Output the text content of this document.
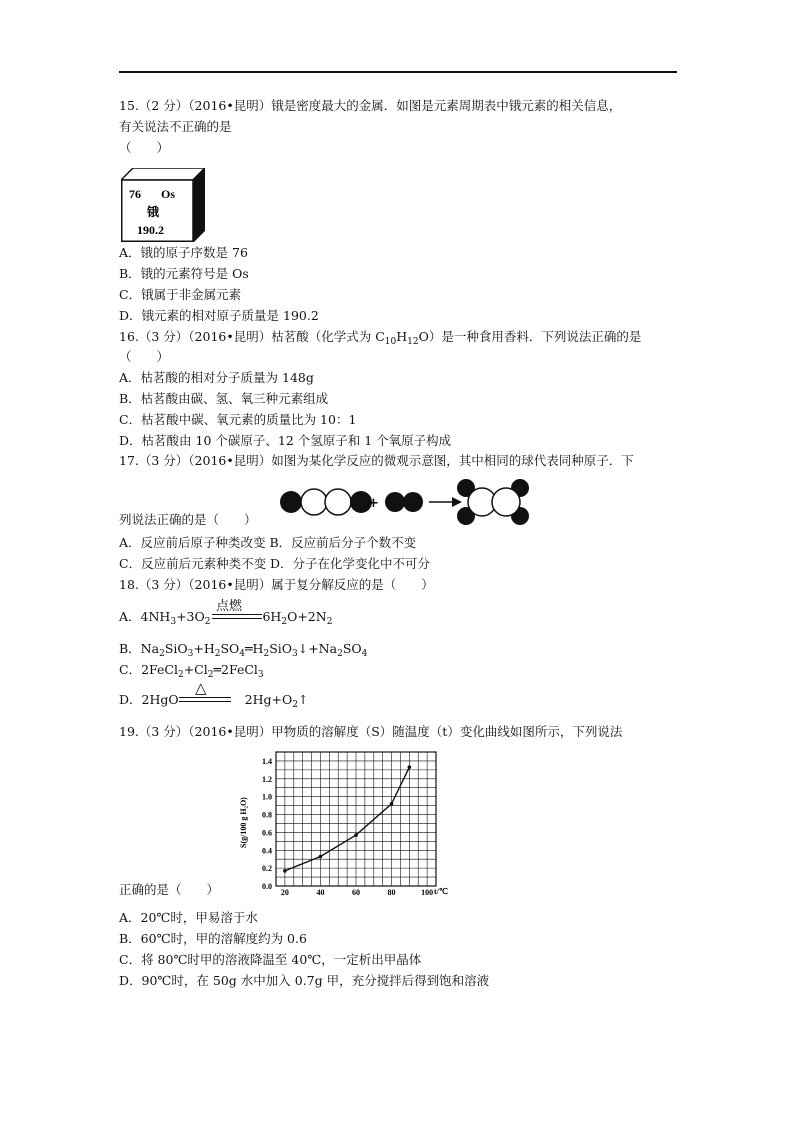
15.（2 分）（2016•昆明）锇是密度最大的金属．如图是元素周期表中锇元素的相关信息，
有关说法不正确的是
（　　）
76 Os
锇
190.2
A．锇的原子序数是 76
B．锇的元素符号是 Os
C．锇属于非金属元素
D．锇元素的相对原子质量是 190.2
16.（3 分）（2016•昆明）枯茗酸（化学式为 $C_{10}H_{12}O$）是一种食用香料．下列说法正确的是
（　　）
A．枯茗酸的相对分子质量为 148g
B．枯茗酸由碳、氢、氧三种元素组成
C．枯茗酸中碳、氧元素的质量比为 10：1
D．枯茗酸由 10 个碳原子、12 个氢原子和 1 个氧原子构成
17.（3 分）（2016•昆明）如图为某化学反应的微观示意图，其中相同的球代表同种原子．下
+
列说法正确的是（　　）
A．反应前后原子种类改变 B．反应前后分子个数不变
C．反应前后元素种类不变 D．分子在化学变化中不可分
18.（3 分）（2016•昆明）属于复分解反应的是（　　）
A．$4NH_3+3O_2$	$6H_2O+2N_2$
点燃
B．$Na_2SiO_3+H_2SO_4═H_2SiO_3↓+Na_2SO_4$
C．$2FeCl_2+Cl_2═2FeCl_3$
D．2HgO	$2Hg+O_2↑$
△
19.（3 分）（2016•昆明）甲物质的溶解度（S）随温度（t）变化曲线如图所示，下列说法
0.0
0.2
0.4
0.6
0.8
1.0
1.2
1.4
20	40	60	80	100
S(g/100 g H₂O)
t/℃
正确的是（　　）
A．20℃时，甲易溶于水
B．60℃时，甲的溶解度约为 0.6
C．将 80℃时甲的溶液降温至 40℃，一定析出甲晶体
D．90℃时，在 50g 水中加入 0.7g 甲，充分搅拌后得到饱和溶液
